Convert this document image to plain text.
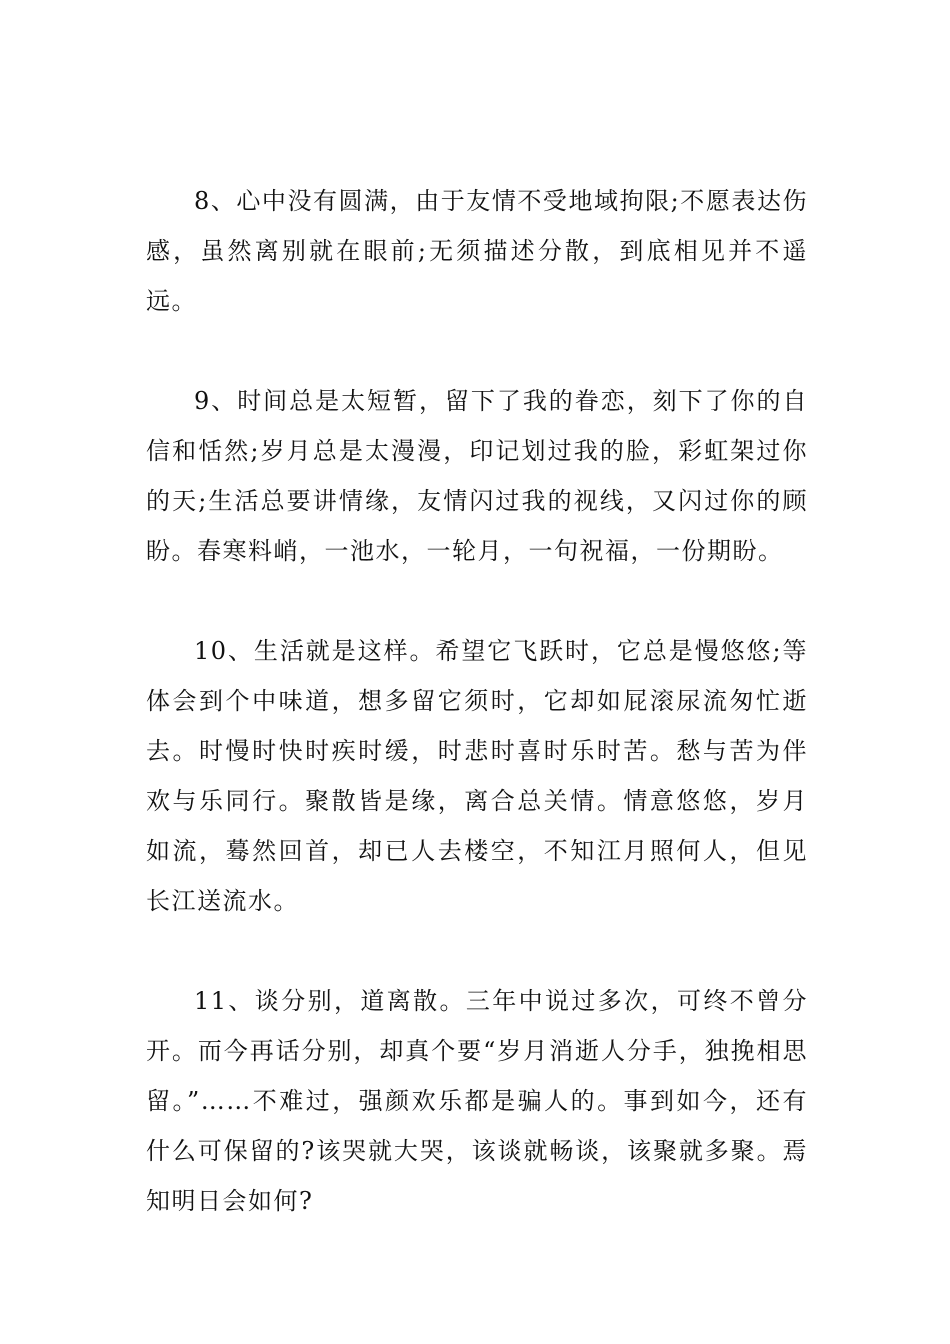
8、心中没有圆满，由于友情不受地域拘限;不愿表达伤感，虽然离别就在眼前;无须描述分散，到底相见并不遥远。

9、时间总是太短暂，留下了我的眷恋，刻下了你的自信和恬然;岁月总是太漫漫，印记划过我的脸，彩虹架过你的天;生活总要讲情缘，友情闪过我的视线，又闪过你的顾盼。春寒料峭，一池水，一轮月，一句祝福，一份期盼。

10、生活就是这样。希望它飞跃时，它总是慢悠悠;等体会到个中味道，想多留它须时，它却如屁滚尿流匆忙逝去。时慢时快时疾时缓，时悲时喜时乐时苦。愁与苦为伴欢与乐同行。聚散皆是缘，离合总关情。情意悠悠，岁月如流，蓦然回首，却已人去楼空，不知江月照何人，但见长江送流水。

11、谈分别，道离散。三年中说过多次，可终不曾分开。而今再话分别，却真个要“岁月消逝人分手，独挽相思留。”……不难过，强颜欢乐都是骗人的。事到如今，还有什么可保留的?该哭就大哭，该谈就畅谈，该聚就多聚。焉知明日会如何?
